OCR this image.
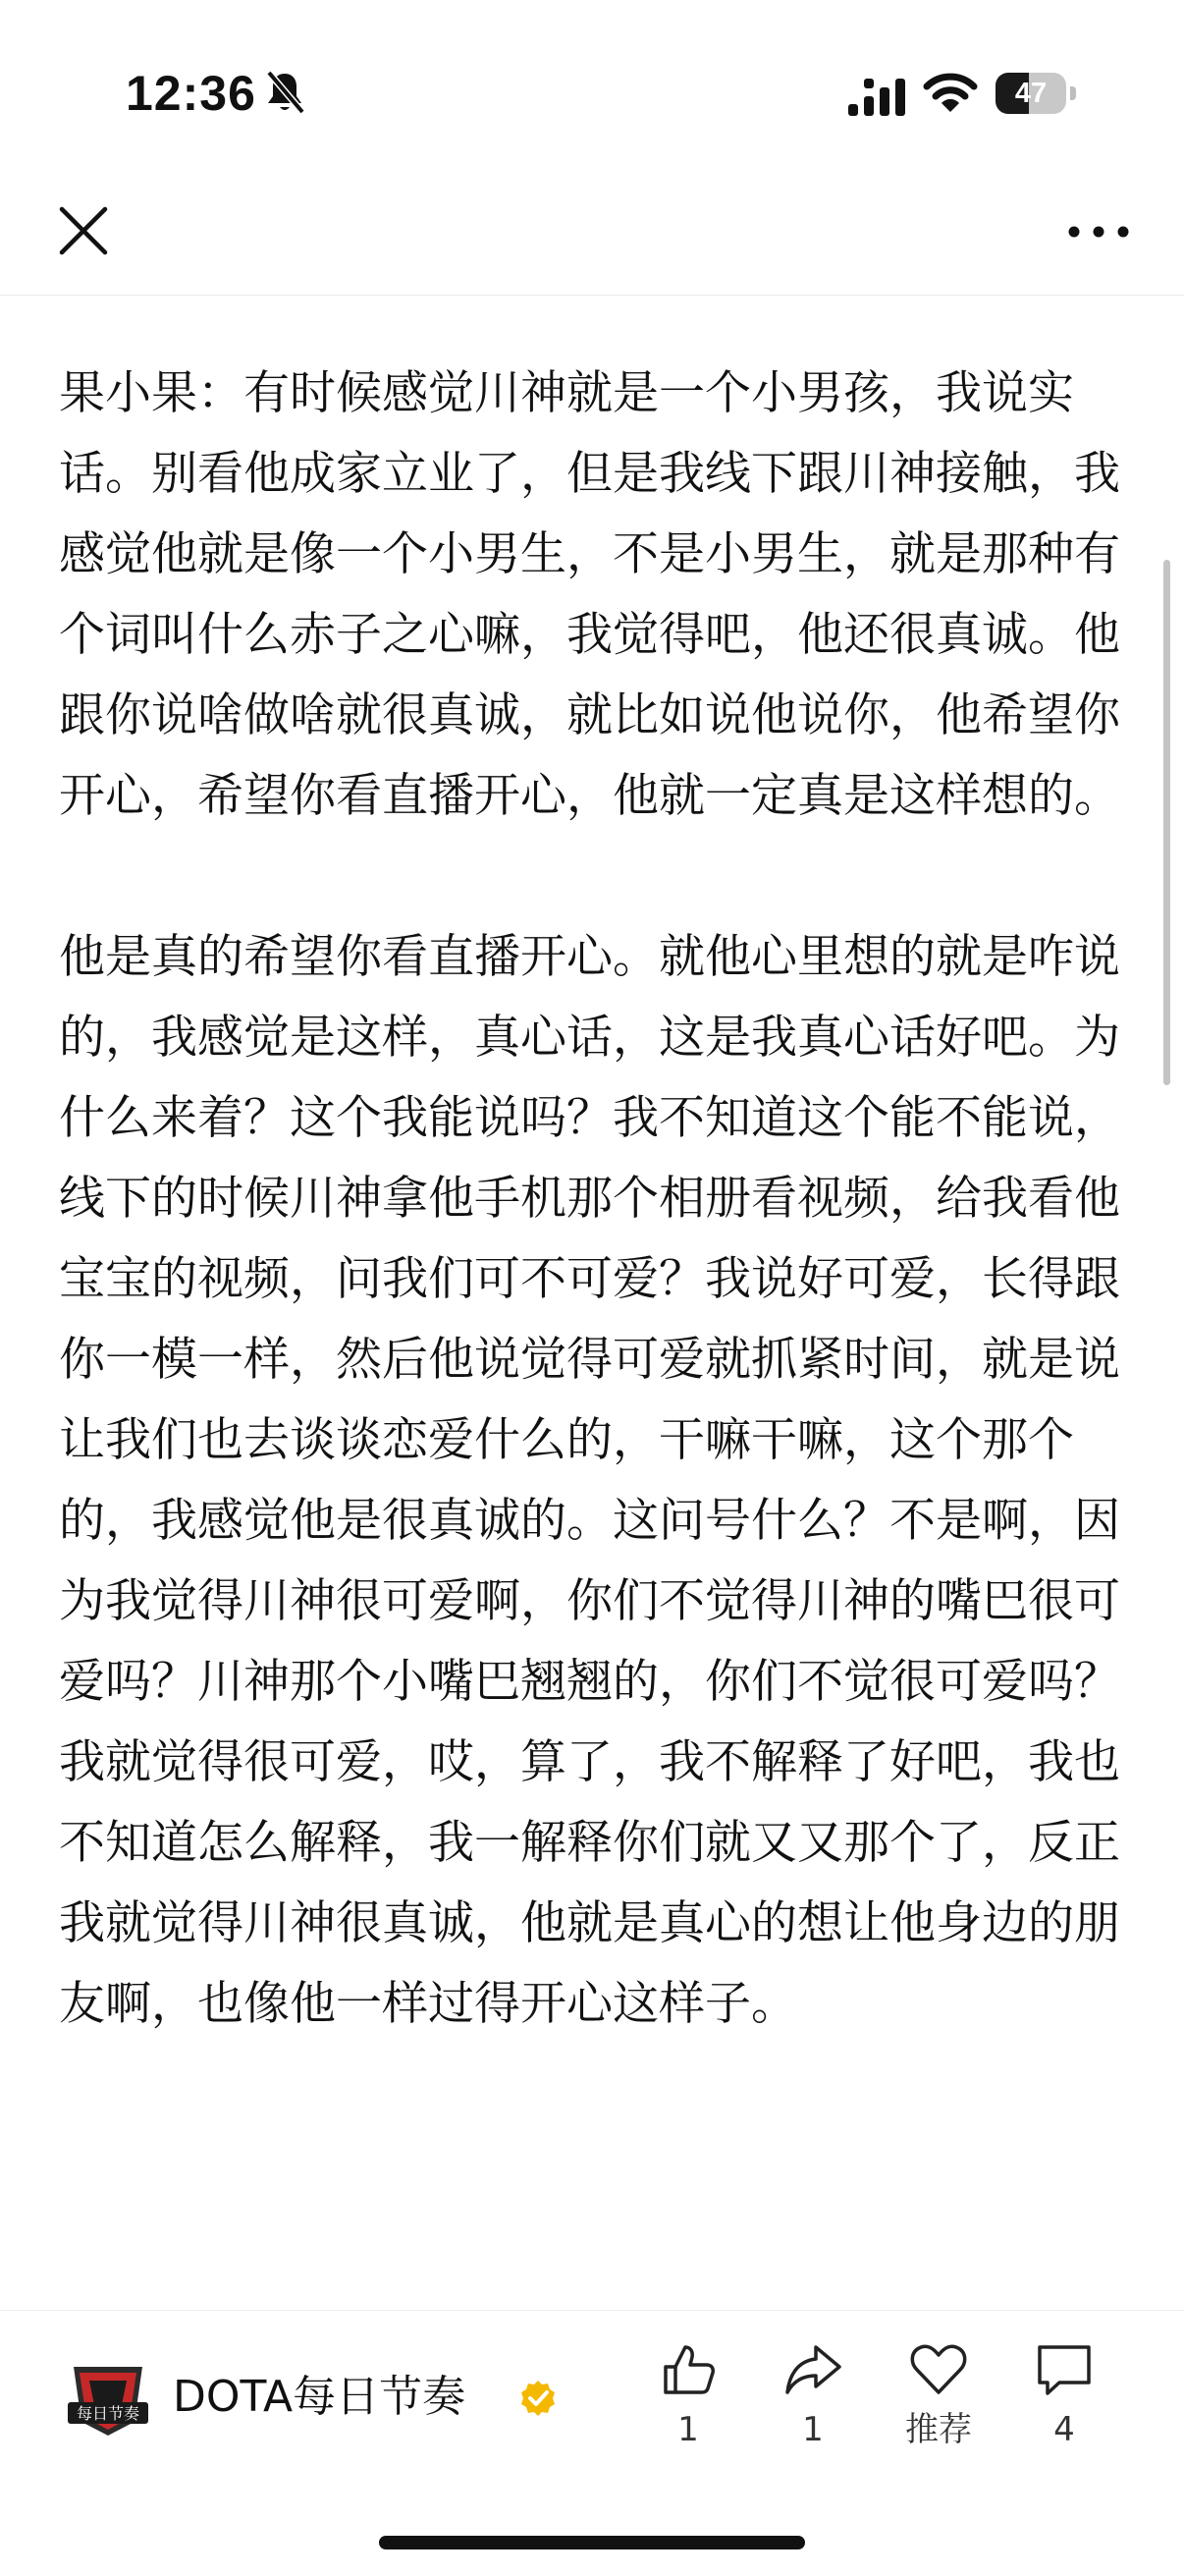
12:36	47

果小果：有时候感觉川神就是一个小男孩，我说实话。别看他成家立业了，但是我线下跟川神接触，我感觉他就是像一个小男生，不是小男生，就是那种有个词叫什么赤子之心嘛，我觉得吧，他还很真诚。他跟你说啥做啥就很真诚，就比如说他说你，他希望你开心，希望你看直播开心，他就一定真是这样想的。

他是真的希望你看直播开心。就他心里想的就是咋说的，我感觉是这样，真心话，这是我真心话好吧。为什么来着？这个我能说吗？我不知道这个能不能说，线下的时候川神拿他手机那个相册看视频，给我看他宝宝的视频，问我们可不可爱？我说好可爱，长得跟你一模一样，然后他说觉得可爱就抓紧时间，就是说让我们也去谈谈恋爱什么的，干嘛干嘛，这个那个的，我感觉他是很真诚的。这问号什么？不是啊，因为我觉得川神很可爱啊，你们不觉得川神的嘴巴很可爱吗？川神那个小嘴巴翘翘的，你们不觉很可爱吗？我就觉得很可爱，哎，算了，我不解释了好吧，我也不知道怎么解释，我一解释你们就又又那个了，反正我就觉得川神很真诚，他就是真心的想让他身边的朋友啊，也像他一样过得开心这样子。

每日节奏 DOTA每日节奏
1	1	推荐	4
